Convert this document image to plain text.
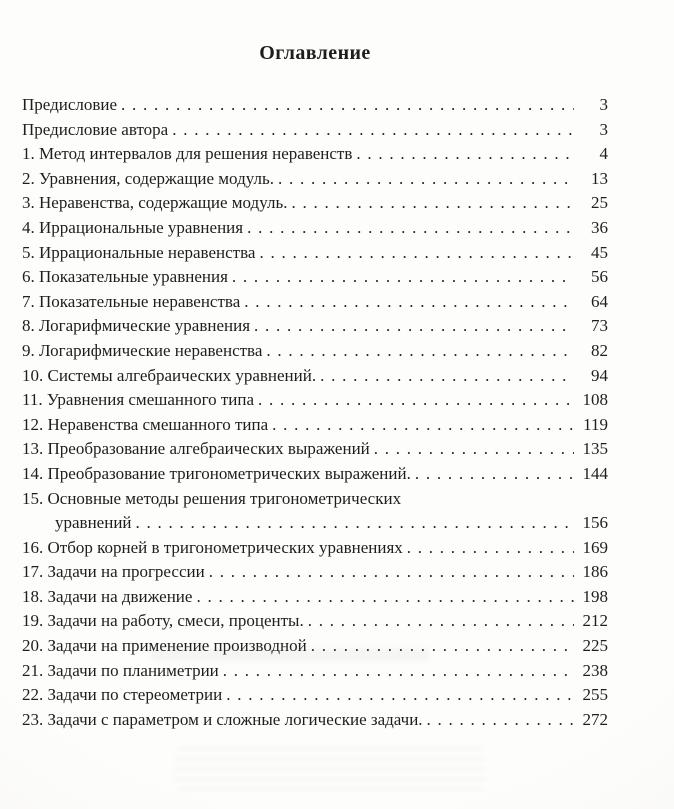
Оглавление
Предисловие . . .	3
Предисловие автора . . .	3
1. Метод интервалов для решения неравенств . . .	4
2. Уравнения, содержащие модуль. . . .	13
3. Неравенства, содержащие модуль. . . .	25
4. Иррациональные уравнения . . .	36
5. Иррациональные неравенства . . .	45
6. Показательные уравнения . . .	56
7. Показательные неравенства . . .	64
8. Логарифмические уравнения . . .	73
9. Логарифмические неравенства . . .	82
10. Системы алгебраических уравнений. . . .	94
11. Уравнения смешанного типа . . .	108
12. Неравенства смешанного типа . . .	119
13. Преобразование алгебраических выражений . . .	135
14. Преобразование тригонометрических выражений. . . .	144
15. Основные методы решения тригонометрических
уравнений . . .	156
16. Отбор корней в тригонометрических уравнениях . . .	169
17. Задачи на прогрессии . . .	186
18. Задачи на движение . . .	198
19. Задачи на работу, смеси, проценты. . . .	212
20. Задачи на применение производной . . .	225
21. Задачи по планиметрии . . .	238
22. Задачи по стереометрии . . .	255
23. Задачи с параметром и сложные логические задачи. . . .	272
